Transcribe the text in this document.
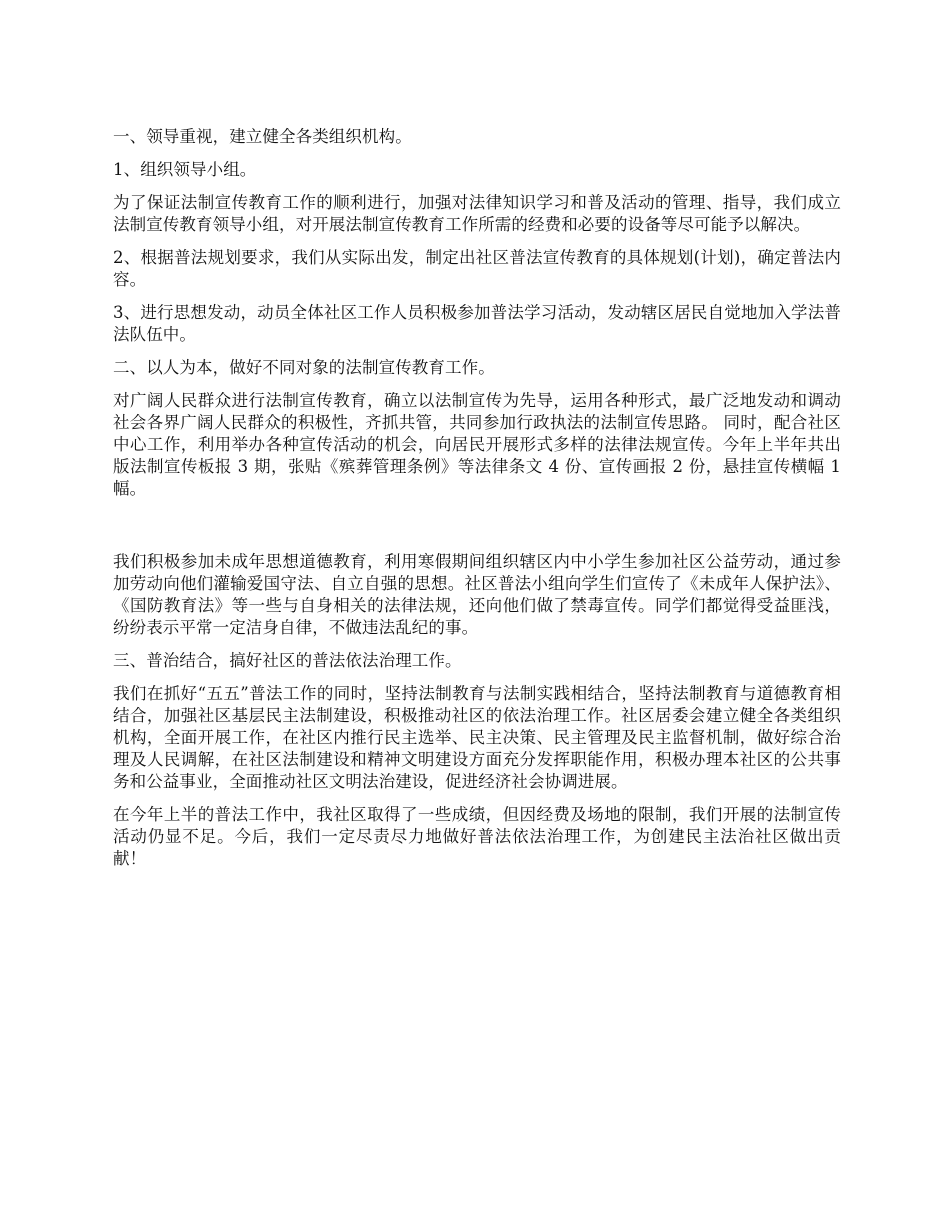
一、领导重视，建立健全各类组织机构。

1、组织领导小组。

为了保证法制宣传教育工作的顺利进行，加强对法律知识学习和普及活动的管理、指导，我们成立法制宣传教育领导小组，对开展法制宣传教育工作所需的经费和必要的设备等尽可能予以解决。

2、根据普法规划要求，我们从实际出发，制定出社区普法宣传教育的具体规划(计划)，确定普法内容。

3、进行思想发动，动员全体社区工作人员积极参加普法学习活动，发动辖区居民自觉地加入学法普法队伍中。

二、以人为本，做好不同对象的法制宣传教育工作。

对广阔人民群众进行法制宣传教育，确立以法制宣传为先导，运用各种形式，最广泛地发动和调动社会各界广阔人民群众的积极性，齐抓共管，共同参加行政执法的法制宣传思路。 同时，配合社区中心工作，利用举办各种宣传活动的机会，向居民开展形式多样的法律法规宣传。今年上半年共出版法制宣传板报 3 期，张贴《殡葬管理条例》等法律条文 4 份、宣传画报 2 份，悬挂宣传横幅 1 幅。

我们积极参加未成年思想道德教育，利用寒假期间组织辖区内中小学生参加社区公益劳动，通过参加劳动向他们灌输爱国守法、自立自强的思想。社区普法小组向学生们宣传了《未成年人保护法》、《国防教育法》等一些与自身相关的法律法规，还向他们做了禁毒宣传。同学们都觉得受益匪浅，纷纷表示平常一定洁身自律，不做违法乱纪的事。

三、普治结合，搞好社区的普法依法治理工作。

我们在抓好“五五”普法工作的同时，坚持法制教育与法制实践相结合，坚持法制教育与道德教育相结合，加强社区基层民主法制建设，积极推动社区的依法治理工作。社区居委会建立健全各类组织机构，全面开展工作，在社区内推行民主选举、民主决策、民主管理及民主监督机制，做好综合治理及人民调解，在社区法制建设和精神文明建设方面充分发挥职能作用，积极办理本社区的公共事务和公益事业，全面推动社区文明法治建设，促进经济社会协调进展。

在今年上半的普法工作中，我社区取得了一些成绩，但因经费及场地的限制，我们开展的法制宣传活动仍显不足。今后，我们一定尽责尽力地做好普法依法治理工作，为创建民主法治社区做出贡献！
